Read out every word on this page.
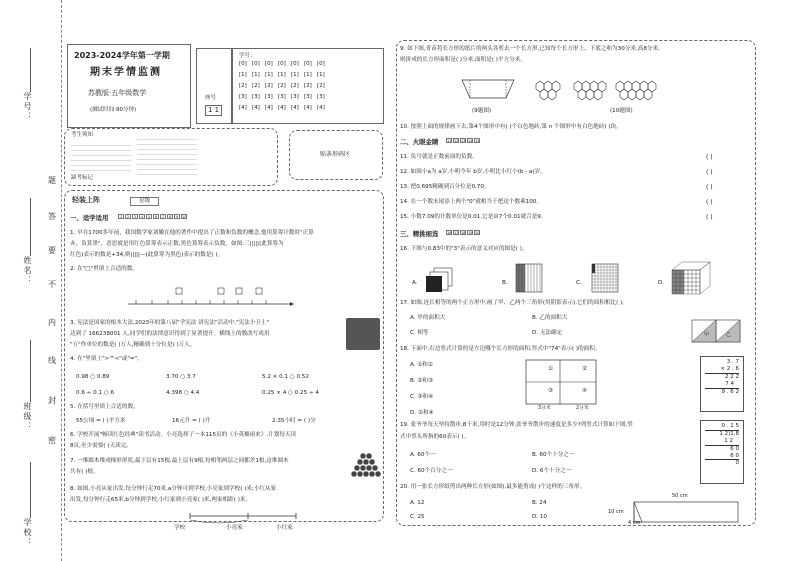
学号：
姓名：
班级：
学校：
题
答
要
不
内
线
封
密
2023-2024学年第一学期
期末学情监测
苏教版·五年级数学
(测试时间:90分钟)
座号
1 1
学号：
[0] [0] [0] [0] [0] [0] [0]
[1] [1] [1] [1] [1] [1] [1]
[2] [2] [2] [2] [2] [2] [2]
[3] [3] [3] [3] [3] [3] [3]
[4] [4] [4] [4] [4] [4] [4]
考生须知
缺考标记
贴条形码区
轻装上阵	星级
一、适学适用	1 2 3 4 5 6 7 8 9 10
1. 早在1700多年前，我国数学家刘徽在他的著作中提出了正数和负数的概念,他用算筹计数时"正算
赤，负算黑"，意思就是用红色算筹表示正数,黑色算筹表示负数。如图:三|||||(此算筹为
红色)表示的数是+34,则|||||—(此算筹为黑色)表示的数是( )。
2. 在"□"里填上合适的数。
3. 宪法是国家的根本大法,2023年的第八届"学宪法 讲宪法"活动中,"宪法小卫士"
达到了 166238001 人,同学们的法律意识得到了显著提升。横线上的数改写成用
"万"作单位的数是( )万人,精确到十分位是( )万人。
4. 在"里填上">""<"或"="。
0.98 ○ 0.89	3.70 ○ 3.7	5.2 × 0.1 ○ 0.52
0.6 ÷ 0.1 ○ 6	4.398 ○ 4.4	0.25 × 4 ○ 0.25 ÷ 4
5. 在括号里填上合适的数。
55公顷 = ( )平方米	16元升 = ( )升	2.35小时 = ( )分
6. 学校开展"畅读红色经典"读书活动。小亮选择了一本115页的《小英雄雨来》,计划每天读
8页,至少需要( )天读完。
7. 一堆圆木堆成梯形形状,最下层有15根,最上层有9根,每相邻两层之间都差1根,这堆圆木
共有( )根。
8. 如图,小亮从家出发,每分钟行走70米,a分钟可到学校,小亮家到学校( )米;小红从家
出发,每分钟行走65米,b分钟到学校,小红家到小亮家( )米,两家相距( )米。
学校	小亮家	小红家
9. 如下图,青苗将长方形的纸片的两头各剪去一个长方形,已知每个长方形上、下底之和为30分米,高8分米,
则拼成的长方形面积是( )分米,面积是( )平方分米。
(9题图)	(10题图)
10. 按照上面的规律画下去,第4个图形中有( )个白色地砖,第 n 个图形中有白色地砖( )块。
二、火眼金睛 11 12 13 14 15
11. 负号就是正数前面的负数。	( )
12. 如图小a为 a岁,小明今年 b岁,小明比小红小(b - a)岁。	( )
13. 把0.695精确到百分位是0.70。	( )
14. 在一个数末尾添上两个"0"就相当于把这个数乘100。	( )
15. 小数7.09的计数单位是0.01,它是由7个0.01就合是9。	( )
三、精挑细选 16 17 18 19 20
16. 下图与0.83中的"3"表示的意义对应的图是( )。
A.	B.	C.	D.
17. 如图,连长相等的两个正方形中,画了甲、乙两个三角形(用阴影表示),它们的面积相比( )。
A. 甲的面积大	B. 乙的面积大
C. 相等	D. 无法确定	甲	乙
18. 下面中,右边竖式计算的是左边哪个长方形的面积,竖式中"74"表示( )的面积。
A. ①和②
B. ②和③
C. ③和④
D. ②和④
①	②
③	④
3分米	2分米
3 . 7
× 2 . 6
2 2 2
7 4
9 . 6 2
19. 张爷爷每天坚持散步,8千米,用时是12分钟,张爷爷散步的速度是多少?列竖式计算如下图,竖
式中竖头所指的60表示( )。
A. 60个一	B. 60个十分之一
C. 60个百分之一	D. 6个十分之一
0 . 1 5
1 2)1.8
1 2
6 0
6 0
0
20. 用一张长方形纸剪出两种长方形(如图),最多能剪成( )个这样的三角形。
A. 12	B. 24
C. 25	D. 10
50 cm
10 cm
4 cm
